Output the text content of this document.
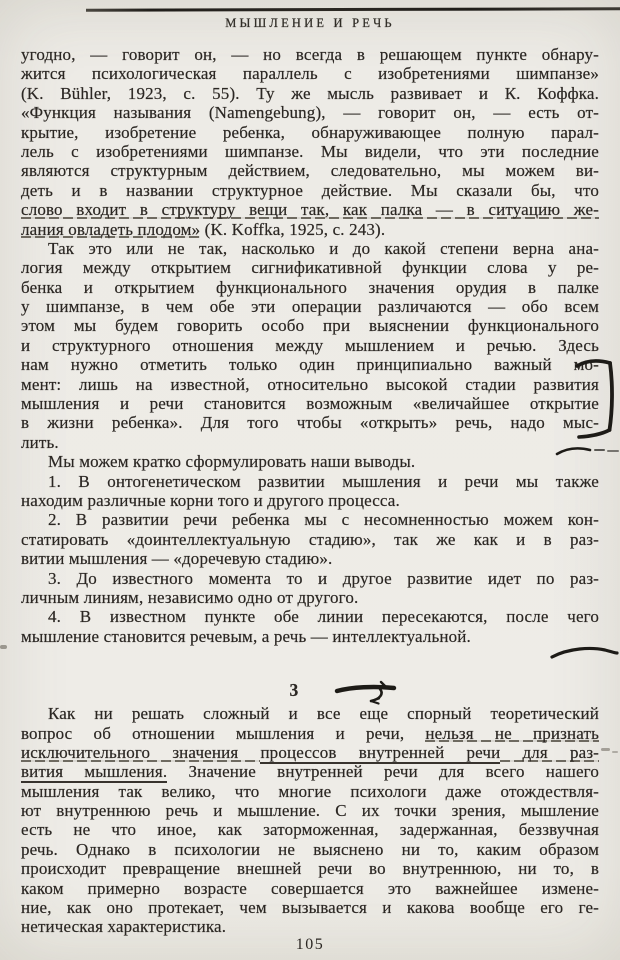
МЫШЛЕНИЕ И РЕЧЬ
угодно, — говорит он, — но всегда в решающем пункте обнару-
жится психологическая параллель с изобретениями шимпанзе»
(K. Bühler, 1923, с. 55). Ту же мысль развивает и К. Коффка.
«Функция называния (Namengebung), — говорит он, — есть от-
крытие, изобретение ребенка, обнаруживающее полную парал-
лель с изобретениями шимпанзе. Мы видели, что эти последние
являются структурным действием, следовательно, мы можем ви-
деть и в названии структурное действие. Мы сказали бы, что
слово входит в структуру вещи так, как палка — в ситуацию же-
лания овладеть плодом» (K. Koffka, 1925, с. 243).
Так это или не так, насколько и до какой степени верна ана-
логия между открытием сигнификативной функции слова у ре-
бенка и открытием функционального значения орудия в палке
у шимпанзе, в чем обе эти операции различаются — обо всем
этом мы будем говорить особо при выяснении функционального
и структурного отношения между мышлением и речью. Здесь
нам нужно отметить только один принципиально важный мо-
мент: лишь на известной, относительно высокой стадии развития
мышления и речи становится возможным «величайшее открытие
в жизни ребенка». Для того чтобы «открыть» речь, надо мыс-
лить.
Мы можем кратко сформулировать наши выводы.
1. В онтогенетическом развитии мышления и речи мы также
находим различные корни того и другого процесса.
2. В развитии речи ребенка мы с несомненностью можем кон-
статировать «доинтеллектуальную стадию», так же как и в раз-
витии мышления — «доречевую стадию».
3. До известного момента то и другое развитие идет по раз-
личным линиям, независимо одно от другого.
4. В известном пункте обе линии пересекаются, после чего
мышление становится речевым, а речь — интеллектуальной.
3
Как ни решать сложный и все еще спорный теоретический
вопрос об отношении мышления и речи, нельзя не признать
исключительного значения процессов внутренней речи для раз-
вития мышления. Значение внутренней речи для всего нашего
мышления так велико, что многие психологи даже отождествля-
ют внутреннюю речь и мышление. С их точки зрения, мышление
есть не что иное, как заторможенная, задержанная, беззвучная
речь. Однако в психологии не выяснено ни то, каким образом
происходит превращение внешней речи во внутреннюю, ни то, в
каком примерно возрасте совершается это важнейшее измене-
ние, как оно протекает, чем вызывается и какова вообще его ге-
нетическая характеристика.
105
